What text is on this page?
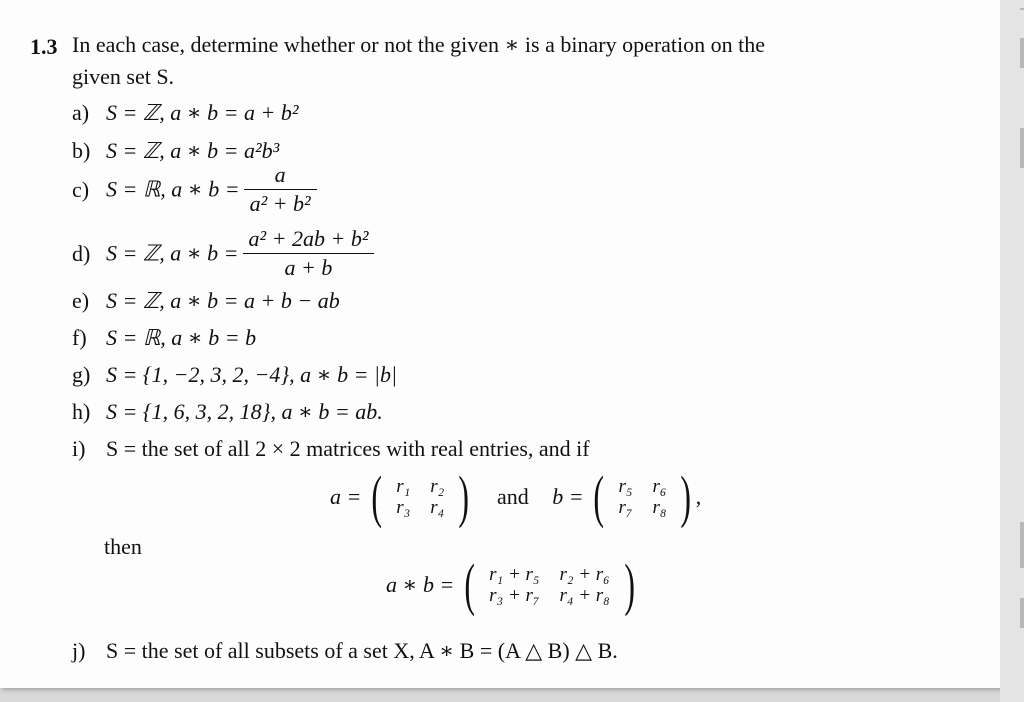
1.3 In each case, determine whether or not the given ∗ is a binary operation on the
given set S.
a) S = ℤ, a ∗ b = a + b²
b) S = ℤ, a ∗ b = a²b³
c) S = ℝ, a ∗ $b = \frac{a}{\text{a² + b²}}$
d) S = ℤ, a ∗ $b = \frac{\text{a² + 2ab + b²}}{a + b}$
e) S = ℤ, a ∗ b = a + b − ab
f) S = ℝ, a ∗ b = b
g) S = {1, −2, 3, 2, −4}, a ∗ b = |b|
h) S = {1, 6, 3, 2, 18}, a ∗ b = ab.
i) S = the set of all 2 × 2 matrices with real entries, and if
a = ( r₁	r₂
r₃	r₄ ) and b = ( r₅	r₆
r₇	r₈ ) ,
then
a ∗ b = ( r₁ + r₅	r₂ + r₆
r₃ + r₇	r₄ + r₈ )
j) S = the set of all subsets of a set X, A ∗ B = (A △ B) △ B.
